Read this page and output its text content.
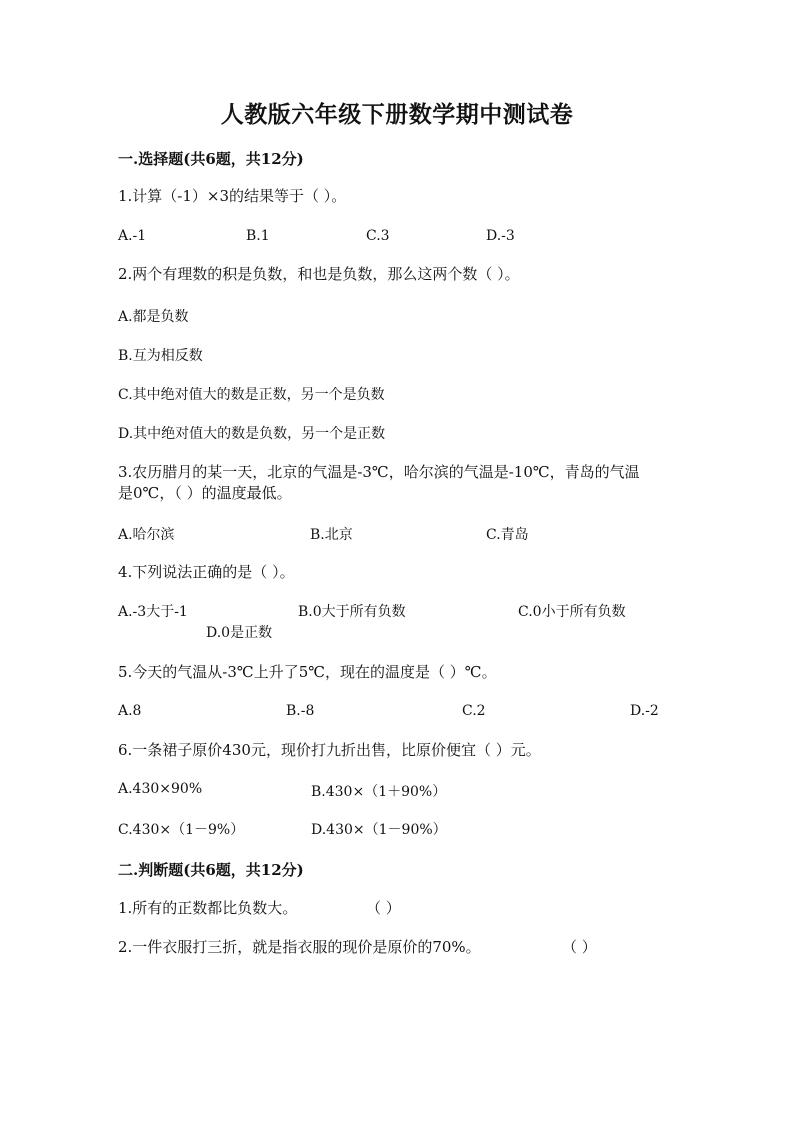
人教版六年级下册数学期中测试卷
一.选择题(共6题，共12分)
1.计算（-1）×3的结果等于（ ）。
A.-1	B.1	C.3	D.-3
2.两个有理数的积是负数，和也是负数，那么这两个数（ ）。
A.都是负数
B.互为相反数
C.其中绝对值大的数是正数，另一个是负数
D.其中绝对值大的数是负数，另一个是正数
3.农历腊月的某一天，北京的气温是-3℃，哈尔滨的气温是-10℃，青岛的气温
是0℃，（ ）的温度最低。
A.哈尔滨	B.北京	C.青岛
4.下列说法正确的是（ ）。
A.-3大于-1	B.0大于所有负数	C.0小于所有负数
D.0是正数
5.今天的气温从-3℃上升了5℃，现在的温度是（ ）℃。
A.8	B.-8	C.2	D.-2
6.一条裙子原价430元，现价打九折出售，比原价便宜（ ）元。
A.430×90%	B.430×（1＋90%）
C.430×（1－9%）	D.430×（1－90%）
二.判断题(共6题，共12分)
1.所有的正数都比负数大。	（ ）
2.一件衣服打三折，就是指衣服的现价是原价的70%。	（ ）
